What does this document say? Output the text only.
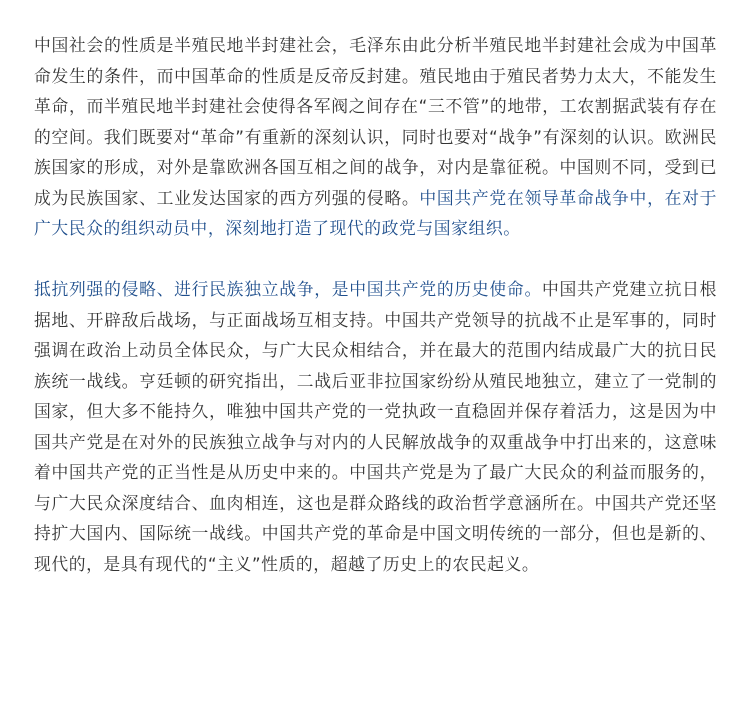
中国社会的性质是半殖民地半封建社会，毛泽东由此分析半殖民地半封建社会成为中国革命发生的条件，而中国革命的性质是反帝反封建。殖民地由于殖民者势力太大，不能发生革命，而半殖民地半封建社会使得各军阀之间存在“三不管”的地带，工农割据武装有存在的空间。我们既要对“革命”有重新的深刻认识，同时也要对“战争”有深刻的认识。欧洲民族国家的形成，对外是靠欧洲各国互相之间的战争，对内是靠征税。中国则不同，受到已成为民族国家、工业发达国家的西方列强的侵略。中国共产党在领导革命战争中，在对于广大民众的组织动员中，深刻地打造了现代的政党与国家组织。

抵抗列强的侵略、进行民族独立战争，是中国共产党的历史使命。中国共产党建立抗日根据地、开辟敌后战场，与正面战场互相支持。中国共产党领导的抗战不止是军事的，同时强调在政治上动员全体民众，与广大民众相结合，并在最大的范围内结成最广大的抗日民族统一战线。亨廷顿的研究指出，二战后亚非拉国家纷纷从殖民地独立，建立了一党制的国家，但大多不能持久，唯独中国共产党的一党执政一直稳固并保存着活力，这是因为中国共产党是在对外的民族独立战争与对内的人民解放战争的双重战争中打出来的，这意味着中国共产党的正当性是从历史中来的。中国共产党是为了最广大民众的利益而服务的，与广大民众深度结合、血肉相连，这也是群众路线的政治哲学意涵所在。中国共产党还坚持扩大国内、国际统一战线。中国共产党的革命是中国文明传统的一部分，但也是新的、现代的，是具有现代的“主义”性质的，超越了历史上的农民起义。
